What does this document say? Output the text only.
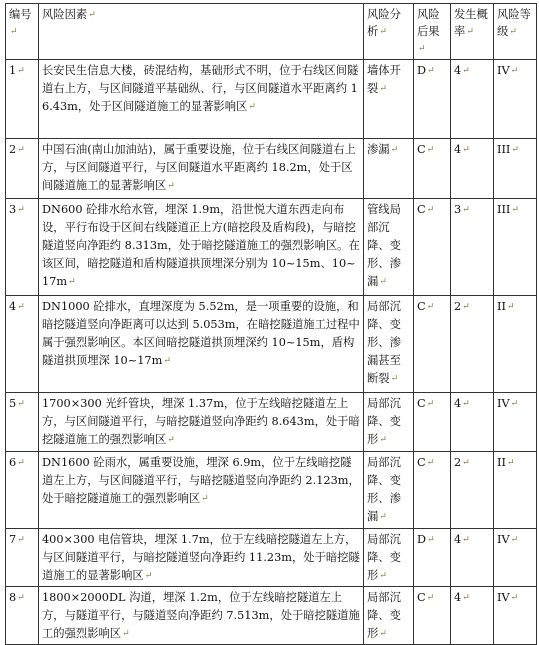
编号↵	风险因素↵	风险分析↵	风险后果↵	发生概率↵	风险等级↵
1↵	长安民生信息大楼，砖混结构，基础形式不明，位于右线区间隧道右上方，与区间隧道平基础纵、行，与区间隧道水平距离约 16.43m，处于区间隧道施工的显著影响区↵	墙体开裂↵	D↵	4↵	IV↵
2↵	中国石油(南山加油站)，属于重要设施，位于右线区间隧道右上方，与区间隧道平行，与区间隧道水平距离约 18.2m，处于区间隧道施工的显著影响区↵	渗漏↵	C↵	4↵	III↵
3↵	DN600 砼排水给水管，埋深 1.9m，沿世悦大道东西走向布设，平行布设于区间右线隧道正上方(暗挖段及盾构段)，与暗挖隧道竖向净距约 8.313m，处于暗挖隧道施工的强烈影响区。在该区间，暗挖隧道和盾构隧道拱顶埋深分别为 10~15m、10~17m↵	管线局部沉降、变形、渗漏↵	C↵	3↵	III↵
4↵	DN1000 砼排水，直埋深度为 5.52m，是一项重要的设施，和暗挖隧道竖向净距离可以达到 5.053m，在暗挖隧道施工过程中属于强烈影响区。本区间暗挖隧道拱顶埋深约 10~15m，盾构隧道拱顶埋深 10~17m↵	局部沉降、变形、渗漏甚至断裂↵	C↵	2↵	II↵
5↵	1700×300 光纤管块，埋深 1.37m，位于左线暗挖隧道左上方，与区间隧道平行，与暗挖隧道竖向净距约 8.643m，处于暗挖隧道施工的强烈影响区↵	局部沉降、变形↵	C↵	4↵	IV↵
6↵	DN1600 砼雨水，属重要设施，埋深 6.9m，位于左线暗挖隧道左上方，与区间隧道平行，与暗挖隧道竖向净距约 2.123m，处于暗挖隧道施工的强烈影响区↵	局部沉降、变形、渗漏↵	C↵	2↵	II↵
7↵	400×300 电信管块，埋深 1.7m，位于左线暗挖隧道左上方，与区间隧道平行，与暗挖隧道竖向净距约 11.23m，处于暗挖隧道施工的显著影响区↵	局部沉降、变形↵	D↵	4↵	IV↵
8↵	1800×2000DL 沟道，埋深 1.2m，位于左线暗挖隧道左上方，与隧道平行，与隧道竖向净距约 7.513m，处于暗挖隧道施工的强烈影响区↵	局部沉降、变形↵	C↵	4↵	IV↵
